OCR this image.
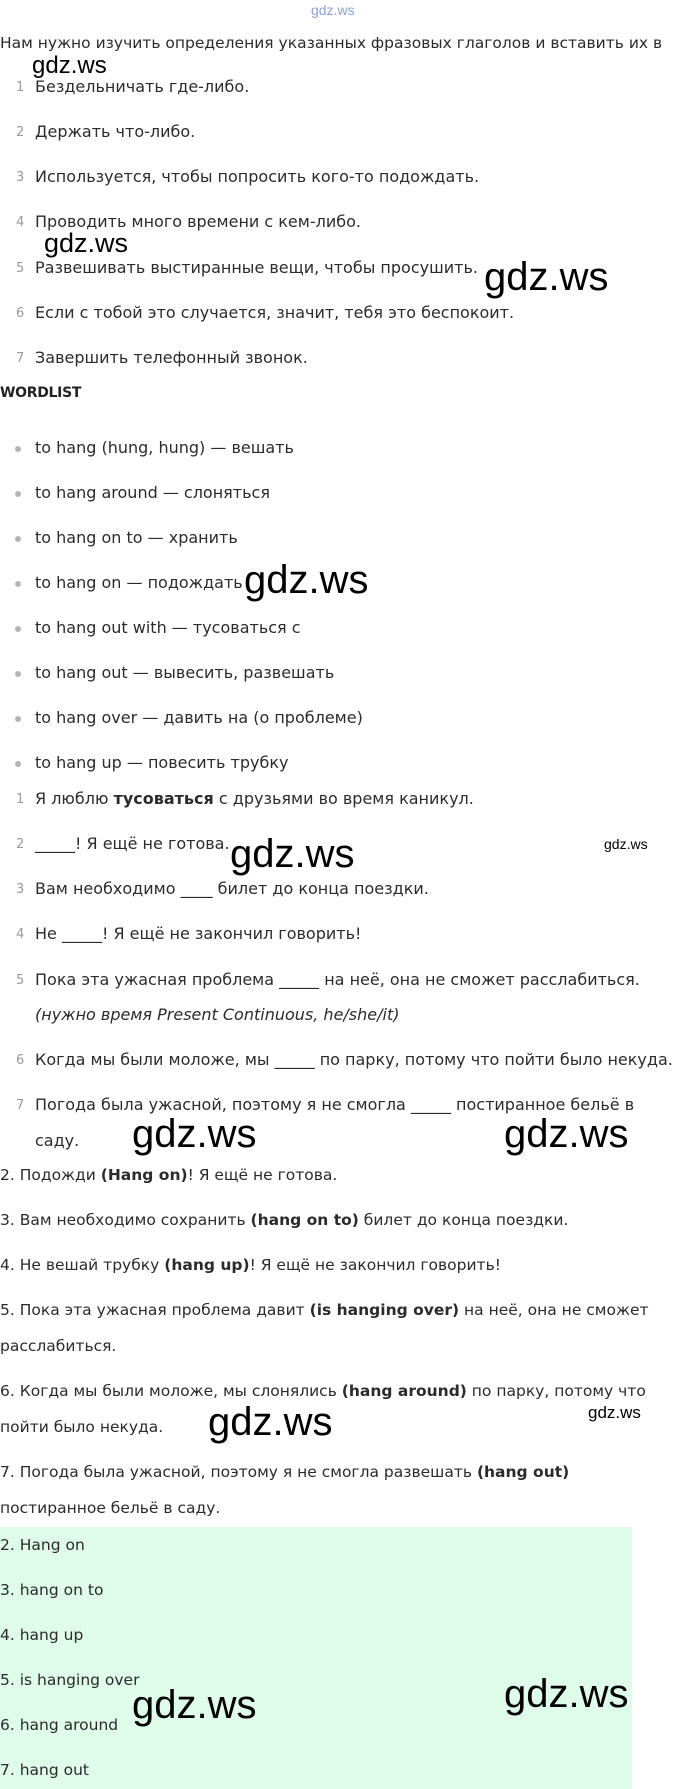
gdz.ws
Нам нужно изучить определения указанных фразовых глаголов и вставить их в
gdz.ws
1 Бездельничать где-либо.
2 Держать что-либо.
3 Используется, чтобы попросить кого-то подождать.
4 Проводить много времени с кем-либо.
5 Развешивать выстиранные вещи, чтобы просушить.
6 Если с тобой это случается, значит, тебя это беспокоит.
7 Завершить телефонный звонок.
gdz.ws
gdz.ws
WORDLIST
to hang (hung, hung) — вешать
to hang around — слоняться
to hang on to — хранить
to hang on — подождать
to hang out with — тусоваться с
to hang out — вывесить, развешать
to hang over — давить на (о проблеме)
to hang up — повесить трубку
gdz.ws
1 Я люблю тусоваться с друзьями во время каникул.
2 _____! Я ещё не готова.
3 Вам необходимо ____ билет до конца поездки.
4 Не _____! Я ещё не закончил говорить!
5 Пока эта ужасная проблема _____ на неё, она не сможет расслабиться.
(нужно время Present Continuous, he/she/it)
6 Когда мы были моложе, мы _____ по парку, потому что пойти было некуда.
7 Погода была ужасной, поэтому я не смогла _____ постиранное бельё в
саду.
gdz.ws	gdz.ws
gdz.ws	gdz.ws
2. Подожди (Hang on)! Я ещё не готова.
3. Вам необходимо сохранить (hang on to) билет до конца поездки.
4. Не вешай трубку (hang up)! Я ещё не закончил говорить!
5. Пока эта ужасная проблема давит (is hanging over) на неё, она не сможет
расслабиться.
6. Когда мы были моложе, мы слонялись (hang around) по парку, потому что
пойти было некуда.
7. Погода была ужасной, поэтому я не смогла развешать (hang out)
постиранное бельё в саду.
gdz.ws	gdz.ws
2. Hang on
3. hang on to
4. hang up
5. is hanging over
6. hang around
7. hang out
gdz.ws	gdz.ws
